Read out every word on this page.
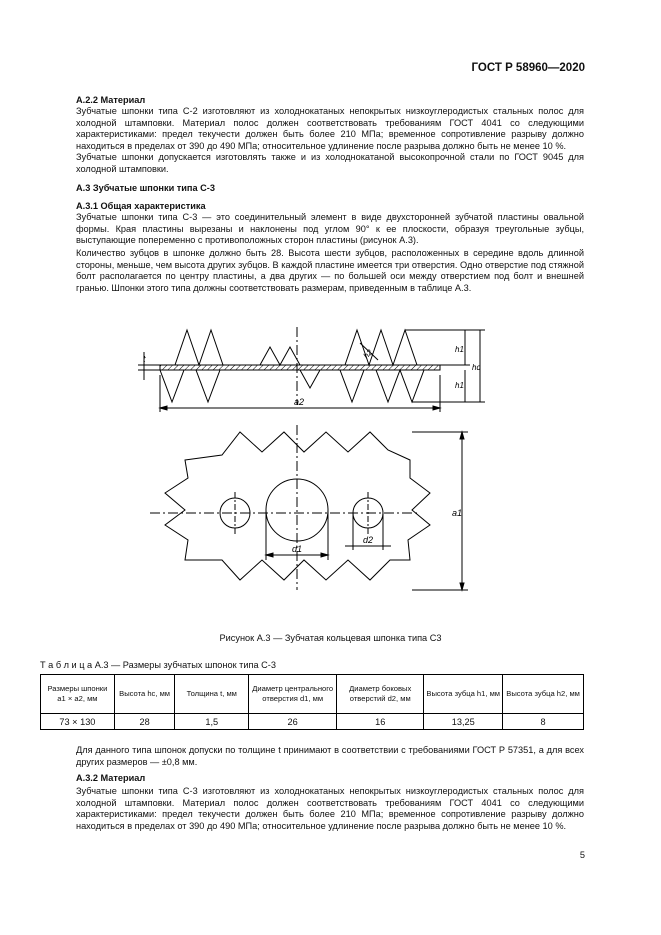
ГОСТ Р 58960—2020
А.2.2 Материал
Зубчатые шпонки типа С-2 изготовляют из холоднокатаных непокрытых низкоуглеродистых стальных полос для холодной штамповки. Материал полос должен соответствовать требованиям ГОСТ 4041 со следующими характеристиками: предел текучести должен быть более 210 МПа; временное сопротивление разрыву должно находиться в пределах от 390 до 490 МПа; относительное удлинение после разрыва должно быть не менее 10 %.
Зубчатые шпонки допускается изготовлять также и из холоднокатаной высокопрочной стали по ГОСТ 9045 для холодной штамповки.
А.3 Зубчатые шпонки типа С-3
А.3.1 Общая характеристика
Зубчатые шпонки типа С-3 — это соединительный элемент в виде двухсторонней зубчатой пластины овальной формы. Края пластины вырезаны и наклонены под углом 90° к ее плоскости, образуя треугольные зубцы, выступающие попеременно с противоположных сторон пластины (рисунок А.3).
Количество зубцов в шпонке должно быть 28. Высота шести зубцов, расположенных в середине вдоль длинной стороны, меньше, чем высота других зубцов. В каждой пластине имеется три отверстия. Одно отверстие под стяжной болт располагается по центру пластины, а два других — по большей оси между отверстием под болт и внешней гранью. Шпонки этого типа должны соответствовать размерам, приведенным в таблице А.3.
t	h2	h1
h1
hc
a2
d1
d2
a1
Рисунок А.3 — Зубчатая кольцевая шпонка типа С3
Т а б л и ц а А.3 — Размеры зубчатых шпонок типа С-3
Размеры шпонки a1 × a2, мм	Высота hc, мм	Толщина t, мм	Диаметр центрального отверстия d1, мм	Диаметр боковых отверстий d2, мм	Высота зубца h1, мм	Высота зубца h2, мм
73 × 130	28	1,5	26	16	13,25	8
Для данного типа шпонок допуски по толщине t принимают в соответствии с требованиями ГОСТ Р 57351, а для всех других размеров — ±0,8 мм.
А.3.2 Материал
Зубчатые шпонки типа С-3 изготовляют из холоднокатаных непокрытых низкоуглеродистых стальных полос для холодной штамповки. Материал полос должен соответствовать требованиям ГОСТ 4041 со следующими характеристиками: предел текучести должен быть более 210 МПа; временное сопротивление разрыву должно находиться в пределах от 390 до 490 МПа; относительное удлинение после разрыва должно быть не менее 10 %.
5
